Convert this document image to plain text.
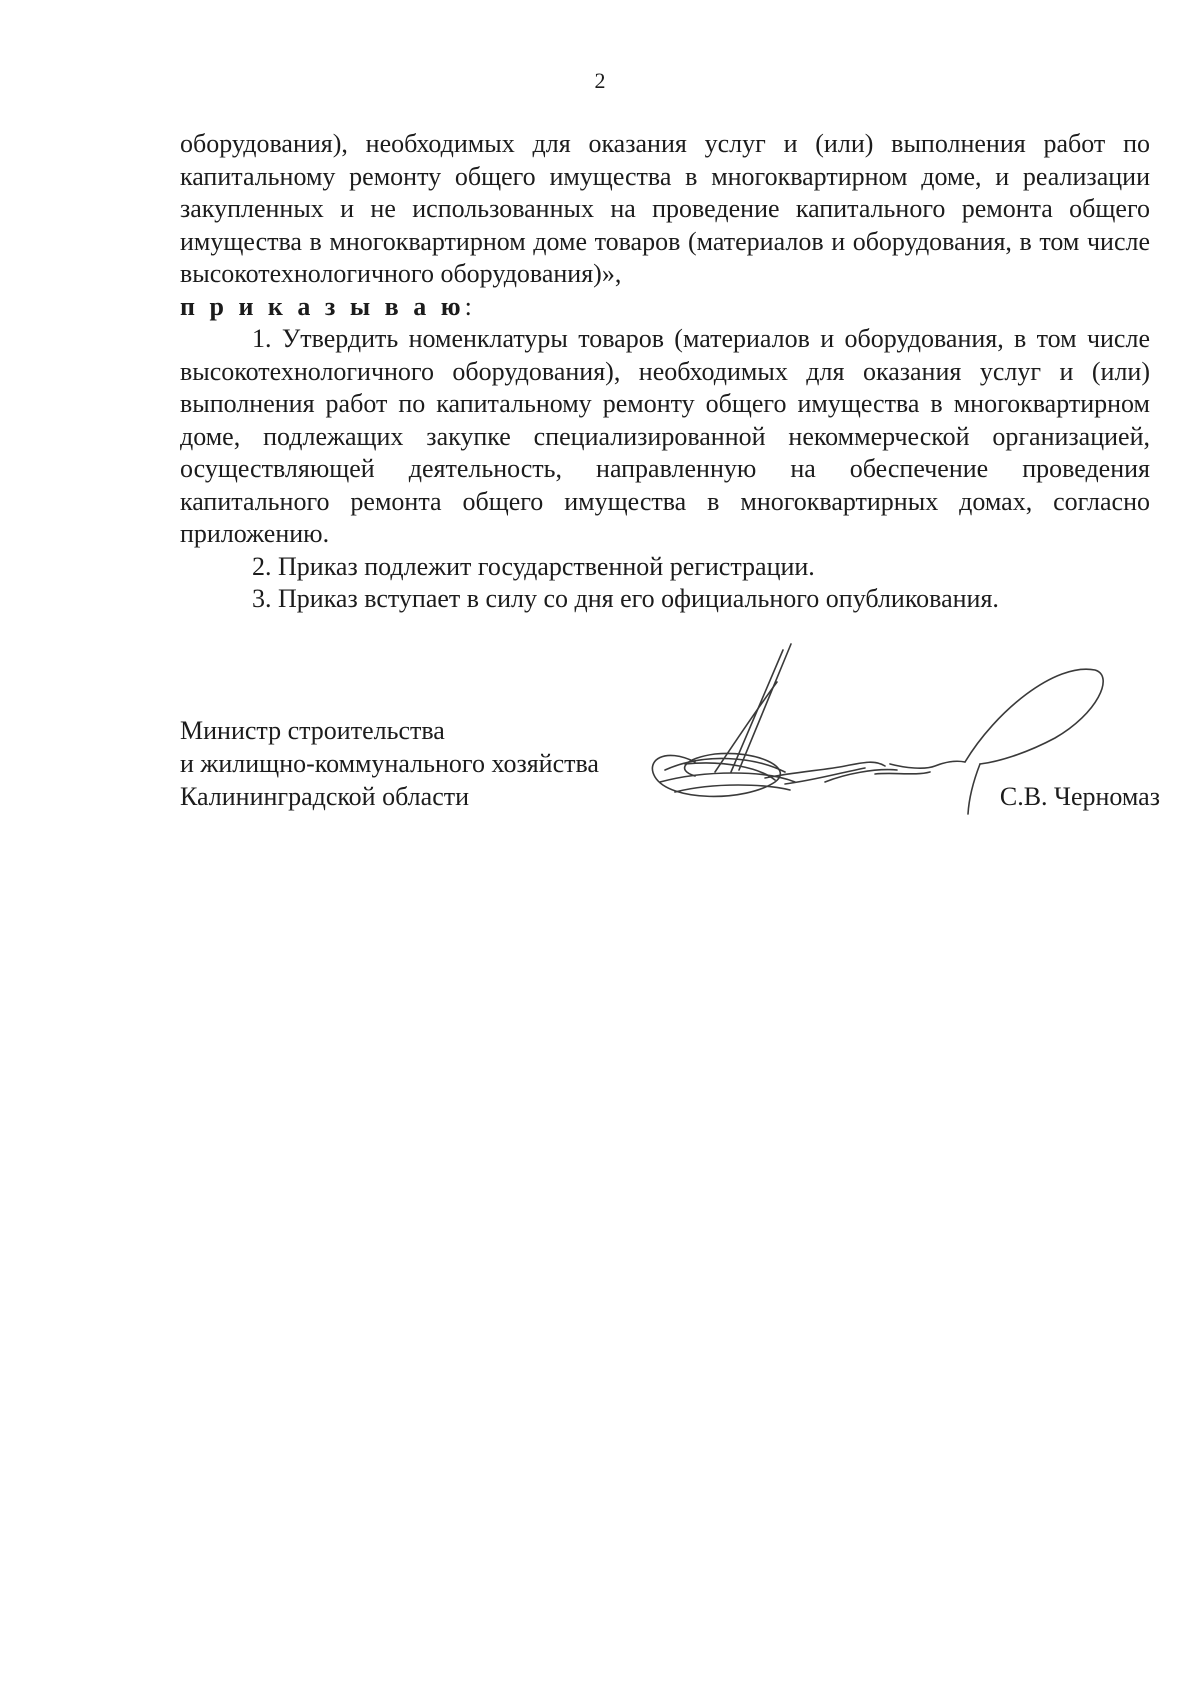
2

оборудования), необходимых для оказания услуг и (или) выполнения работ по капитальному ремонту общего имущества в многоквартирном доме, и реализации закупленных и не использованных на проведение капитального ремонта общего имущества в многоквартирном доме товаров (материалов и оборудования, в том числе высокотехнологичного оборудования)»,

п р и к а з ы в а ю:

1. Утвердить номенклатуры товаров (материалов и оборудования, в том числе высокотехнологичного оборудования), необходимых для оказания услуг и (или) выполнения работ по капитальному ремонту общего имущества в многоквартирном доме, подлежащих закупке специализированной некоммерческой организацией, осуществляющей деятельность, направленную на обеспечение проведения капитального ремонта общего имущества в многоквартирных домах, согласно приложению.

2. Приказ подлежит государственной регистрации.

3. Приказ вступает в силу со дня его официального опубликования.

Министр строительства
и жилищно-коммунального хозяйства
Калининградской области	С.В. Черномаз
